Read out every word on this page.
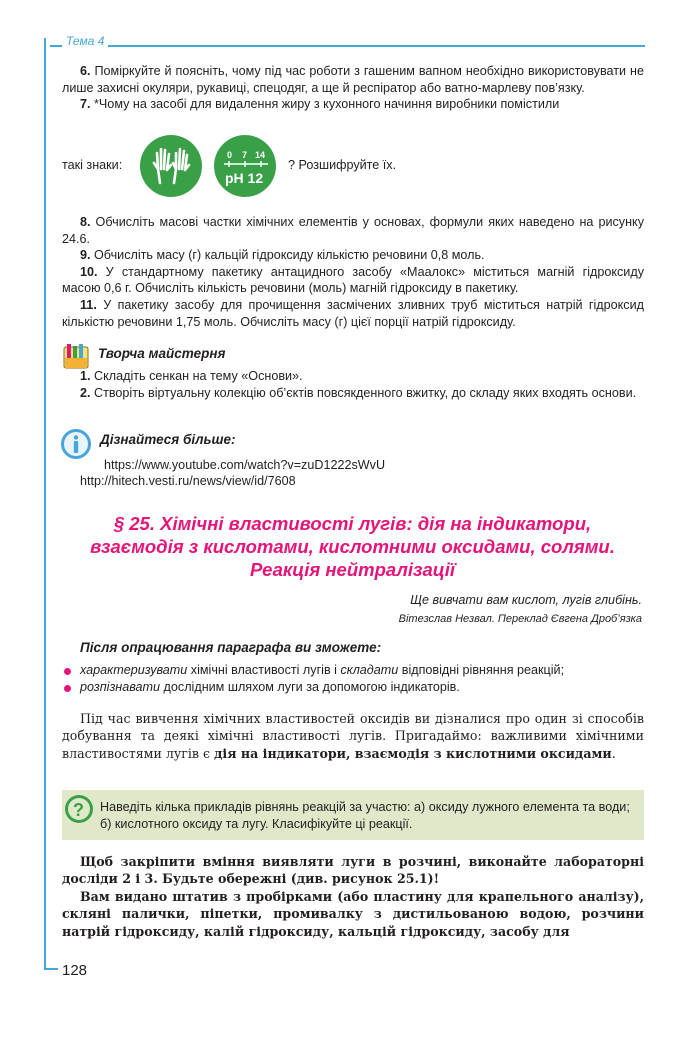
Тема 4

6. Поміркуйте й поясніть, чому під час роботи з гашеним вапном необхідно використовувати не лише захисні окуляри, рукавиці, спецодяг, а ще й респіратор або ватно-марлеву пов’язку.

7. *Чому на засобі для видалення жиру з кухонного начиння виробники помістили

такі знаки:
0 7 14
pH 12
? Розшифруйте їх.

8. Обчисліть масові частки хімічних елементів у основах, формули яких наведено на рисунку 24.6.

9. Обчисліть масу (г) кальцій гідроксиду кількістю речовини 0,8 моль.

10. У стандартному пакетику антацидного засобу «Маалокс» міститься магній гідроксиду масою 0,6 г. Обчисліть кількість речовини (моль) магній гідроксиду в пакетику.

11. У пакетику засобу для прочищення засмічених зливних труб міститься натрій гідроксид кількістю речовини 1,75 моль. Обчисліть масу (г) цієї порції натрій гідроксиду.

Творча майстерня

1. Складіть сенкан на тему «Основи».

2. Створіть віртуальну колекцію об’єктів повсякденного вжитку, до складу яких входять основи.

Дізнайтеся більше:
https://www.youtube.com/watch?v=zuD1222sWvU
http://hitech.vesti.ru/news/view/id/7608
§ 25. Хімічні властивості лугів: дія на індикатори,
взаємодія з кислотами, кислотними оксидами, солями.
Реакція нейтралізації
Ще вивчати вам кислот, лугів глибінь.
Вітезслав Незвал. Переклад Євгена Дроб’язка
Після опрацювання параграфа ви зможете:
характеризувати хімічні властивості лугів і складати відповідні рівняння реакцій;
розпізнавати дослідним шляхом луги за допомогою індикаторів.
Під час вивчення хімічних властивостей оксидів ви дізналися про один зі способів добування та деякі хімічні властивості лугів. Пригадаймо: важливими хімічними властивостями лугів є дія на індикатори, взаємодія з кислотними оксидами.
? Наведіть кілька прикладів рівнянь реакцій за участю: а) оксиду лужного елемента та води; б) кислотного оксиду та лугу. Класифікуйте ці реакції.

Щоб закріпити вміння виявляти луги в розчині, виконайте лабораторні досліди 2 і 3. Будьте обережні (див. рисунок 25.1)!

Вам видано штатив з пробірками (або пластину для крапельного аналізу), скляні палички, піпетки, промивалку з дистильованою водою, розчини натрій гідроксиду, калій гідроксиду, кальцій гідроксиду, засобу для

128
